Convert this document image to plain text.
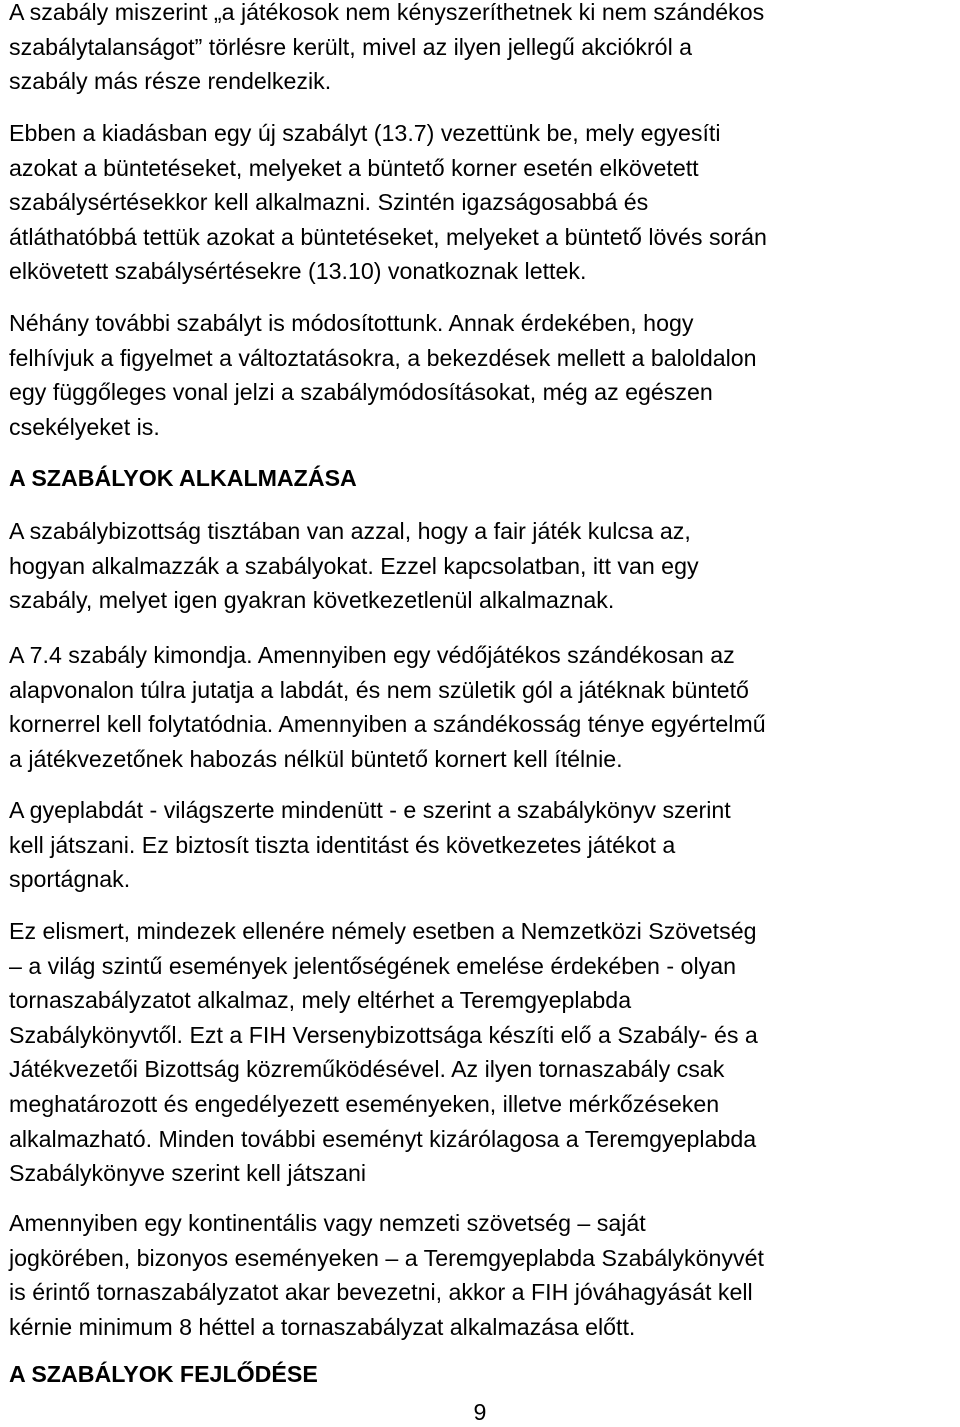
A szabály miszerint „a játékosok nem kényszeríthetnek ki nem szándékos
szabálytalanságot” törlésre került, mivel az ilyen jellegű akciókról a
szabály más része rendelkezik.

Ebben a kiadásban egy új szabályt (13.7) vezettünk be, mely egyesíti
azokat a büntetéseket, melyeket a büntető korner esetén elkövetett
szabálysértésekkor kell alkalmazni. Szintén igazságosabbá és
átláthatóbbá tettük azokat a büntetéseket, melyeket a büntető lövés során
elkövetett szabálysértésekre (13.10) vonatkoznak lettek.

Néhány további szabályt is módosítottunk. Annak érdekében, hogy
felhívjuk a figyelmet a változtatásokra, a bekezdések mellett a baloldalon
egy függőleges vonal jelzi a szabálymódosításokat, még az egészen
csekélyeket is.

A SZABÁLYOK ALKALMAZÁSA

A szabálybizottság tisztában van azzal, hogy a fair játék kulcsa az,
hogyan alkalmazzák a szabályokat. Ezzel kapcsolatban, itt van egy
szabály, melyet igen gyakran következetlenül alkalmaznak.

A 7.4 szabály kimondja. Amennyiben egy védőjátékos szándékosan az
alapvonalon túlra jutatja a labdát, és nem születik gól a játéknak büntető
kornerrel kell folytatódnia. Amennyiben a szándékosság ténye egyértelmű
a játékvezetőnek habozás nélkül büntető kornert kell ítélnie.

A gyeplabdát - világszerte mindenütt - e szerint a szabálykönyv szerint
kell játszani. Ez biztosít tiszta identitást és következetes játékot a
sportágnak.

Ez elismert, mindezek ellenére némely esetben a Nemzetközi Szövetség
– a világ szintű események jelentőségének emelése érdekében - olyan
tornaszabályzatot alkalmaz, mely eltérhet a Teremgyeplabda
Szabálykönyvtől. Ezt a FIH Versenybizottsága készíti elő a Szabály- és a
Játékvezetői Bizottság közreműködésével. Az ilyen tornaszabály csak
meghatározott és engedélyezett eseményeken, illetve mérkőzéseken
alkalmazható. Minden további eseményt kizárólagosa a Teremgyeplabda
Szabálykönyve szerint kell játszani

Amennyiben egy kontinentális vagy nemzeti szövetség – saját
jogkörében, bizonyos eseményeken – a Teremgyeplabda Szabálykönyvét
is érintő tornaszabályzatot akar bevezetni, akkor a FIH jóváhagyását kell
kérnie minimum 8 héttel a tornaszabályzat alkalmazása előtt.

A SZABÁLYOK FEJLŐDÉSE
9
